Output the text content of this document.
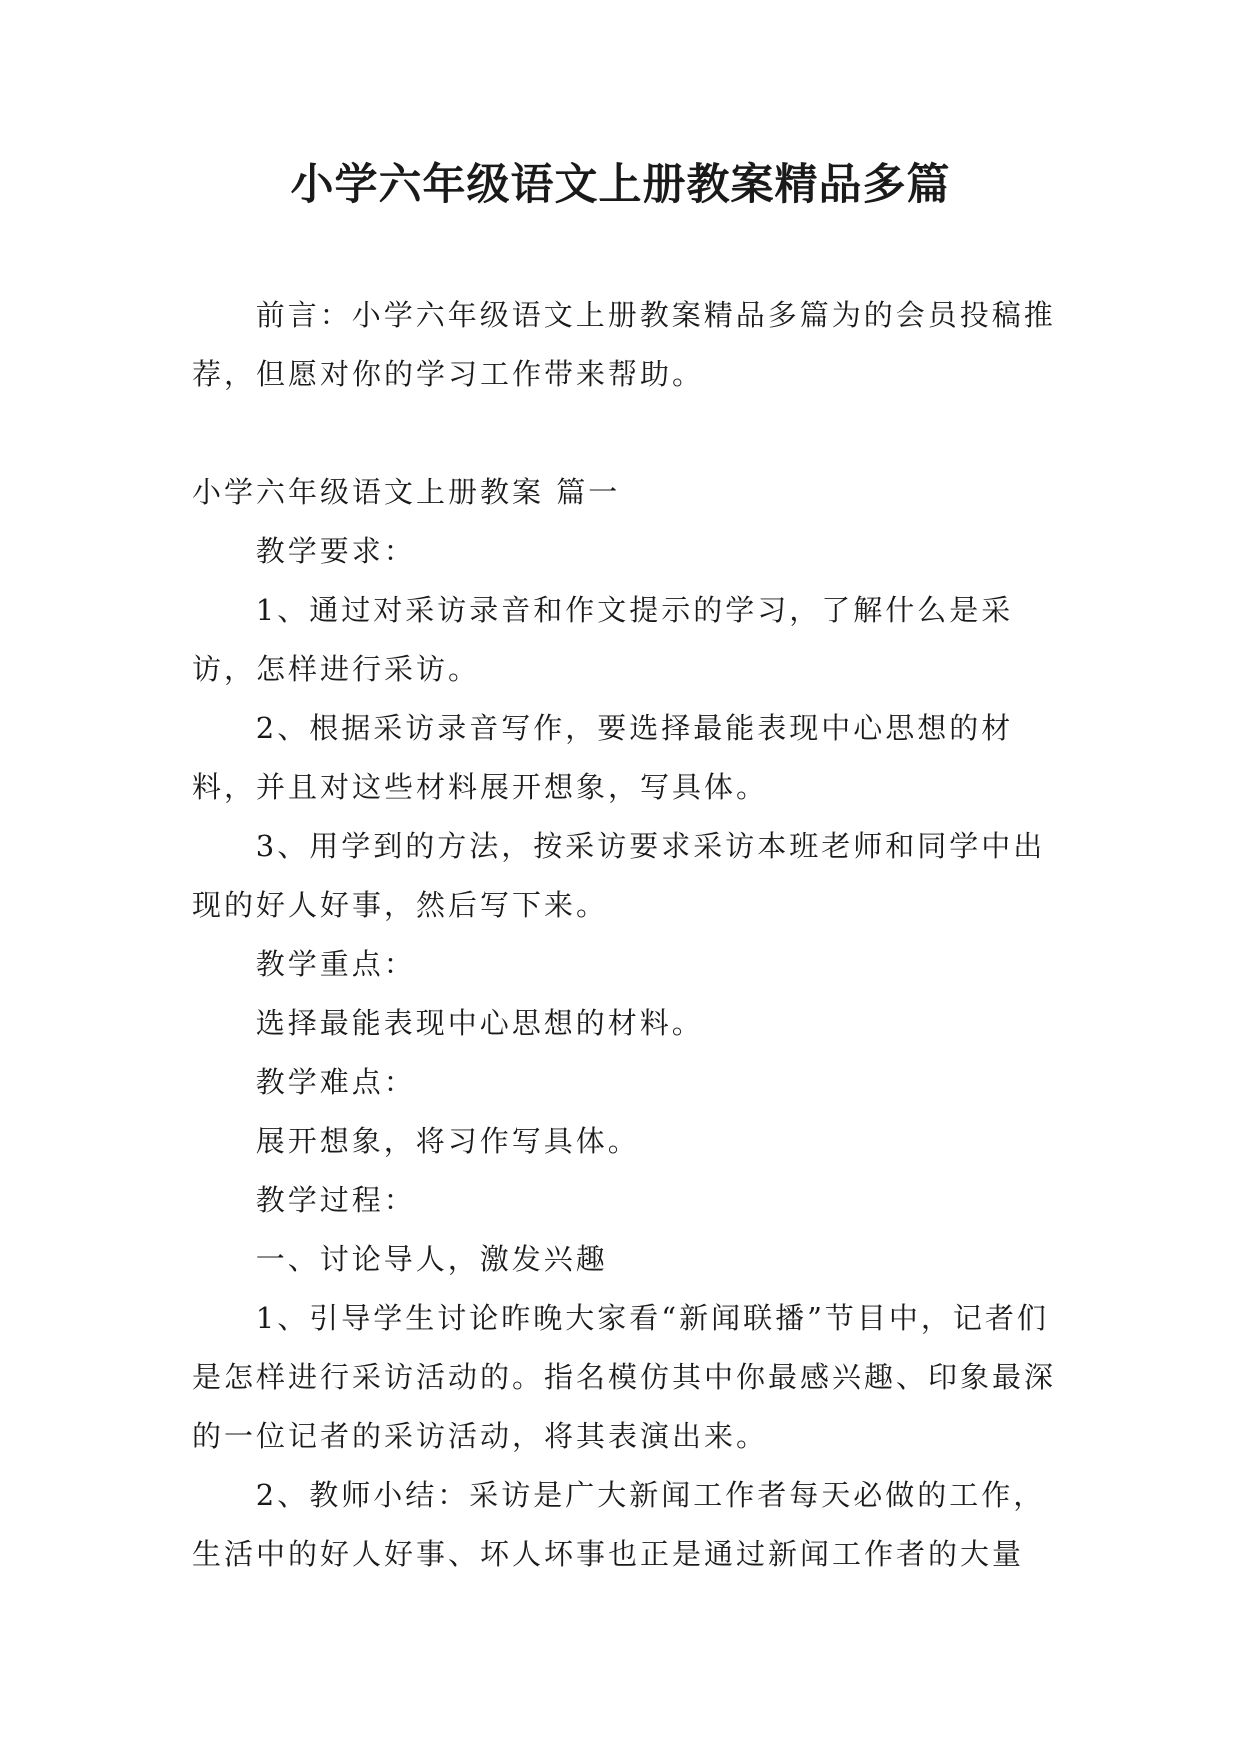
小学六年级语文上册教案精品多篇

前言：小学六年级语文上册教案精品多篇为的会员投稿推荐，但愿对你的学习工作带来帮助。

小学六年级语文上册教案 篇一

教学要求：

1、通过对采访录音和作文提示的学习，了解什么是采访，怎样进行采访。

2、根据采访录音写作，要选择最能表现中心思想的材料，并且对这些材料展开想象，写具体。

3、用学到的方法，按采访要求采访本班老师和同学中出现的好人好事，然后写下来。

教学重点：

选择最能表现中心思想的材料。

教学难点：

展开想象，将习作写具体。

教学过程：

一、讨论导人，激发兴趣

1、引导学生讨论昨晚大家看“新闻联播”节目中，记者们是怎样进行采访活动的。指名模仿其中你最感兴趣、印象最深的一位记者的采访活动，将其表演出来。

2、教师小结：采访是广大新闻工作者每天必做的工作，生活中的好人好事、坏人坏事也正是通过新闻工作者的大量
